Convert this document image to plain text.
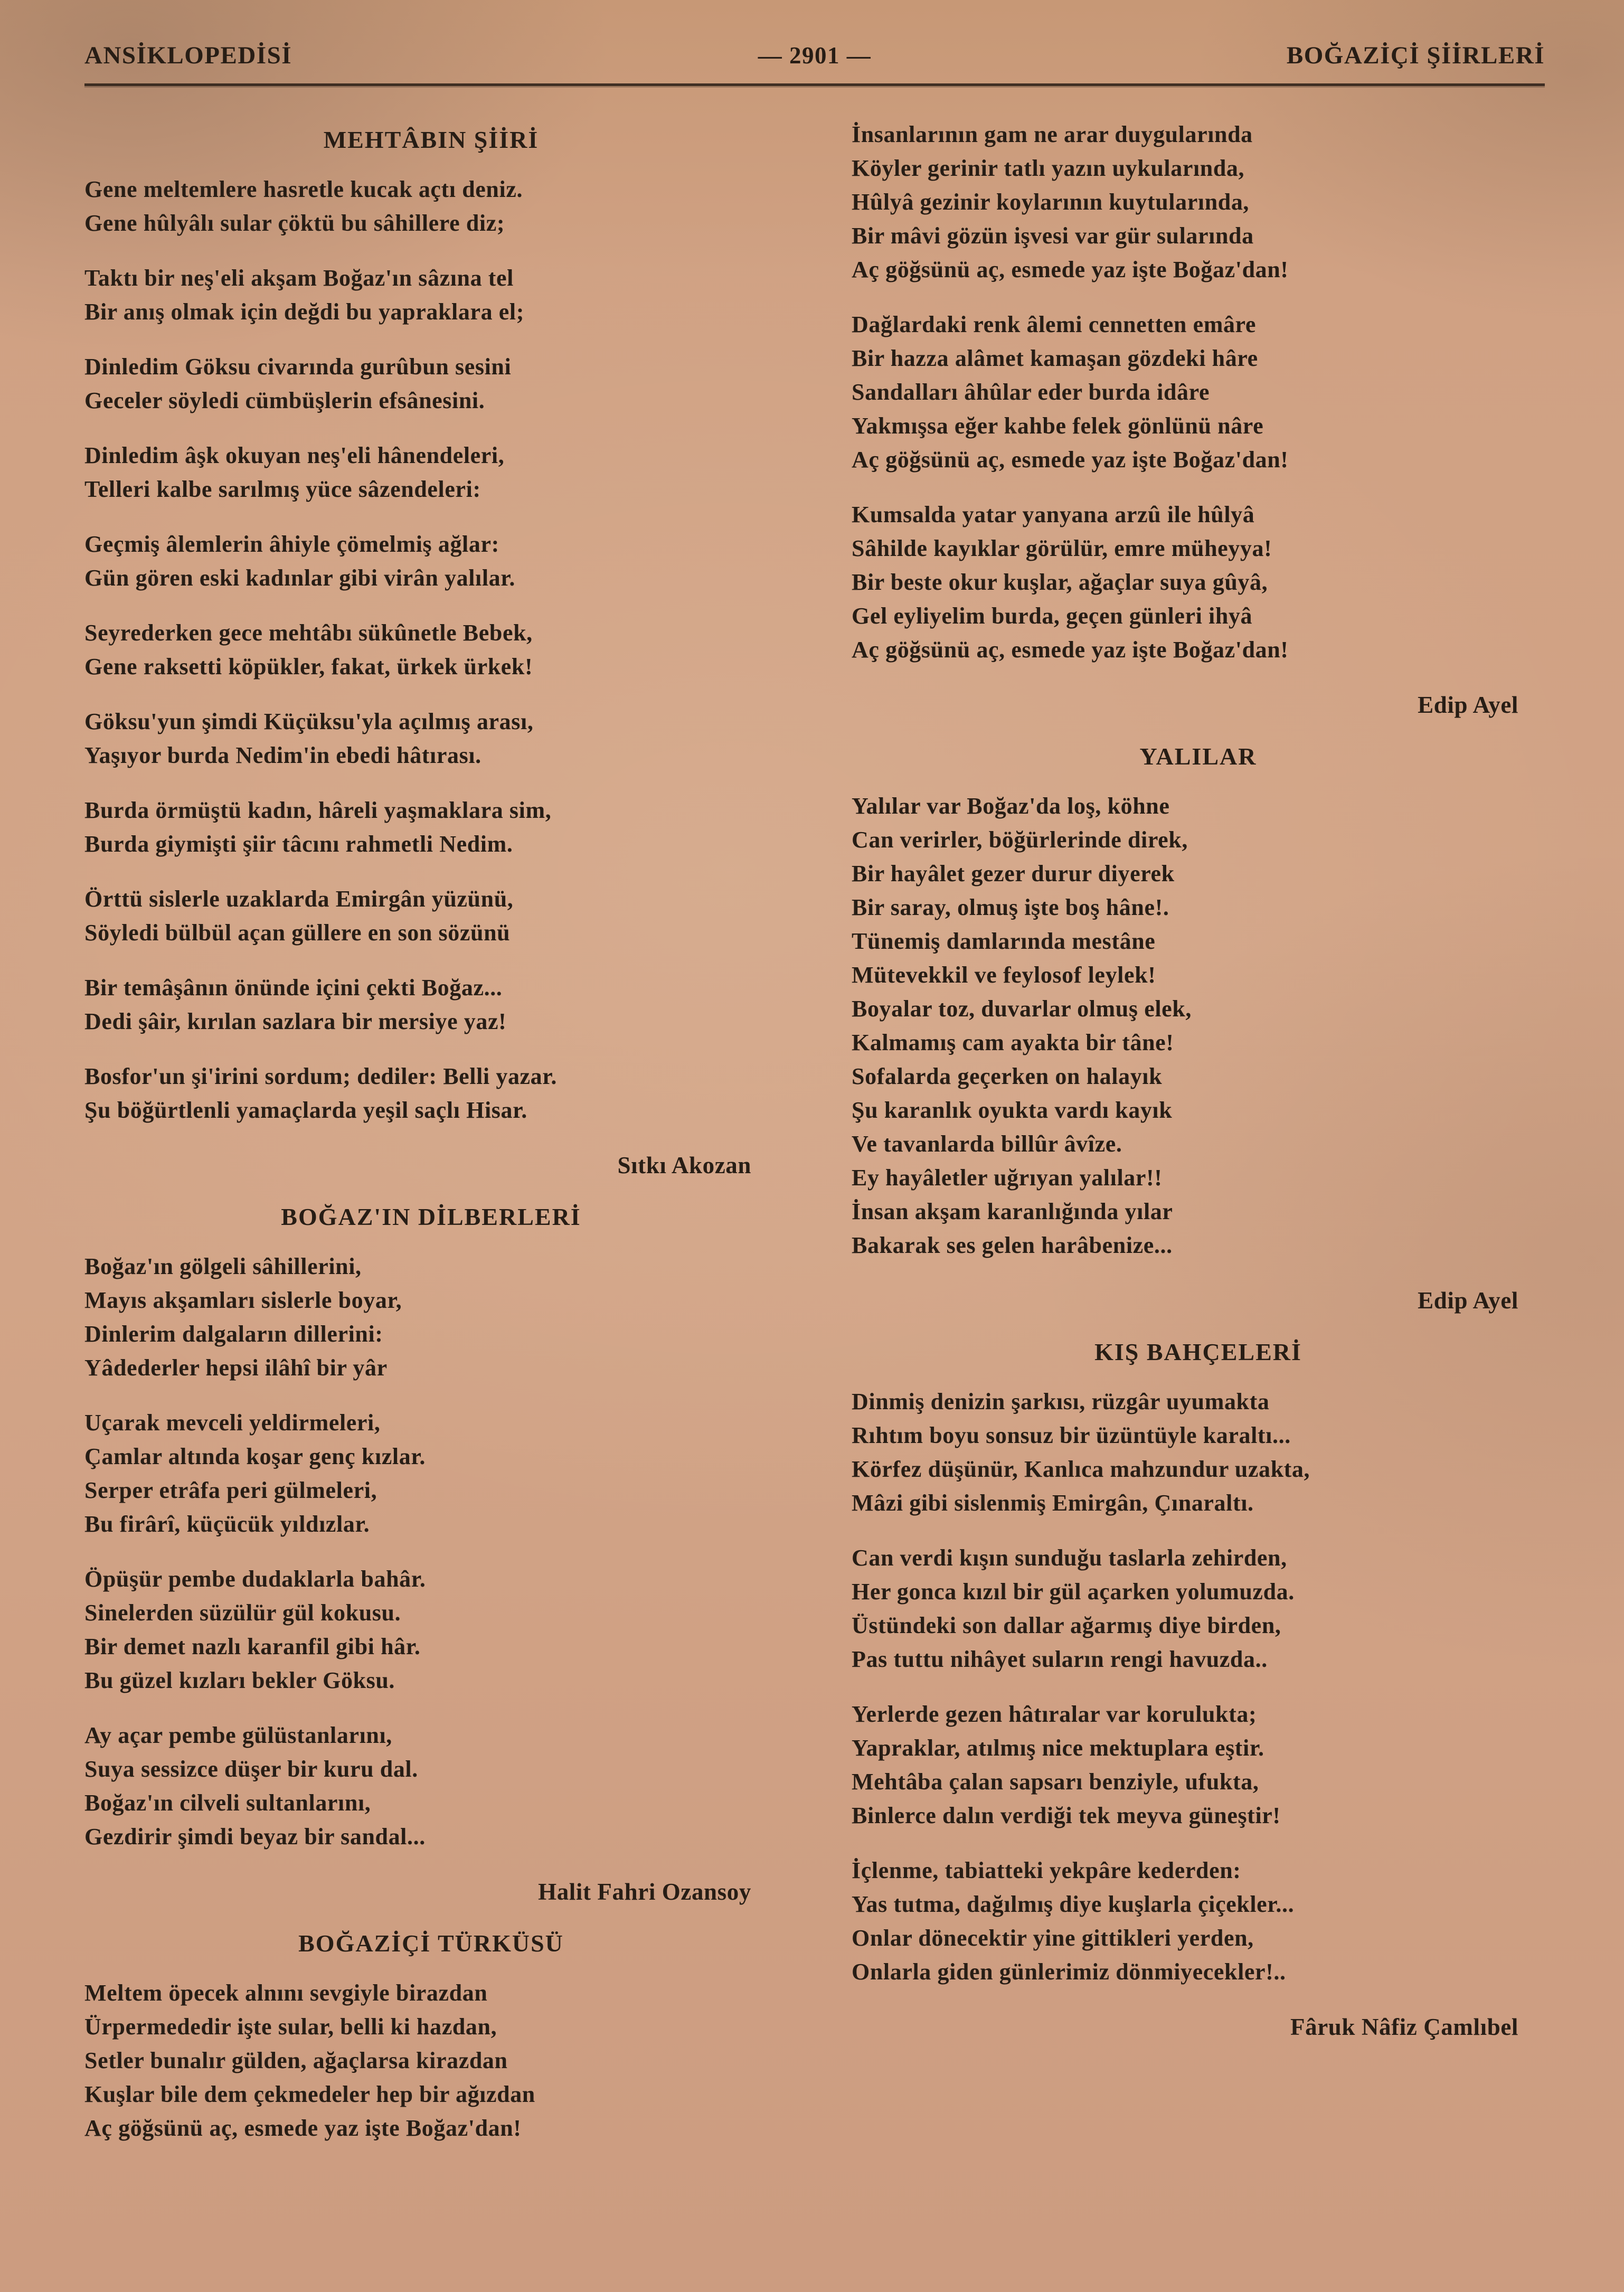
ANSİKLOPEDİSİ	— 2901 —	BOĞAZİÇİ ŞİİRLERİ
MEHTÂBIN ŞİİRİ
Gene meltemlere hasretle kucak açtı deniz.
Gene hûlyâlı sular çöktü bu sâhillere diz;
Taktı bir neş'eli akşam Boğaz'ın sâzına tel
Bir anış olmak için değdi bu yapraklara el;
Dinledim Göksu civarında gurûbun sesini
Geceler söyledi cümbüşlerin efsânesini.
Dinledim âşk okuyan neş'eli hânendeleri,
Telleri kalbe sarılmış yüce sâzendeleri:
Geçmiş âlemlerin âhiyle çömelmiş ağlar:
Gün gören eski kadınlar gibi virân yalılar.
Seyrederken gece mehtâbı sükûnetle Bebek,
Gene raksetti köpükler, fakat, ürkek ürkek!
Göksu'yun şimdi Küçüksu'yla açılmış arası,
Yaşıyor burda Nedim'in ebedi hâtırası.
Burda örmüştü kadın, hâreli yaşmaklara sim,
Burda giymişti şiir tâcını rahmetli Nedim.
Örttü sislerle uzaklarda Emirgân yüzünü,
Söyledi bülbül açan güllere en son sözünü
Bir temâşânın önünde içini çekti Boğaz...
Dedi şâir, kırılan sazlara bir mersiye yaz!
Bosfor'un şi'irini sordum; dediler: Belli yazar.
Şu böğürtlenli yamaçlarda yeşil saçlı Hisar.
Sıtkı Akozan
BOĞAZ'IN DİLBERLERİ
Boğaz'ın gölgeli sâhillerini,
Mayıs akşamları sislerle boyar,
Dinlerim dalgaların dillerini:
Yâdederler hepsi ilâhî bir yâr
Uçarak mevceli yeldirmeleri,
Çamlar altında koşar genç kızlar.
Serper etrâfa peri gülmeleri,
Bu firârî, küçücük yıldızlar.
Öpüşür pembe dudaklarla bahâr.
Sinelerden süzülür gül kokusu.
Bir demet nazlı karanfil gibi hâr.
Bu güzel kızları bekler Göksu.
Ay açar pembe gülüstanlarını,
Suya sessizce düşer bir kuru dal.
Boğaz'ın cilveli sultanlarını,
Gezdirir şimdi beyaz bir sandal...
Halit Fahri Ozansoy
BOĞAZİÇİ TÜRKÜSÜ
Meltem öpecek alnını sevgiyle birazdan
Ürpermededir işte sular, belli ki hazdan,
Setler bunalır gülden, ağaçlarsa kirazdan
Kuşlar bile dem çekmedeler hep bir ağızdan
Aç göğsünü aç, esmede yaz işte Boğaz'dan!
İnsanlarının gam ne arar duygularında
Köyler gerinir tatlı yazın uykularında,
Hûlyâ gezinir koylarının kuytularında,
Bir mâvi gözün işvesi var gür sularında
Aç göğsünü aç, esmede yaz işte Boğaz'dan!
Dağlardaki renk âlemi cennetten emâre
Bir hazza alâmet kamaşan gözdeki hâre
Sandalları âhûlar eder burda idâre
Yakmışsa eğer kahbe felek gönlünü nâre
Aç göğsünü aç, esmede yaz işte Boğaz'dan!
Kumsalda yatar yanyana arzû ile hûlyâ
Sâhilde kayıklar görülür, emre müheyya!
Bir beste okur kuşlar, ağaçlar suya gûyâ,
Gel eyliyelim burda, geçen günleri ihyâ
Aç göğsünü aç, esmede yaz işte Boğaz'dan!
Edip Ayel
YALILAR
Yalılar var Boğaz'da loş, köhne
Can verirler, böğürlerinde direk,
Bir hayâlet gezer durur diyerek
Bir saray, olmuş işte boş hâne!.
Tünemiş damlarında mestâne
Mütevekkil ve feylosof leylek!
Boyalar toz, duvarlar olmuş elek,
Kalmamış cam ayakta bir tâne!
Sofalarda geçerken on halayık
Şu karanlık oyukta vardı kayık
Ve tavanlarda billûr âvîze.
Ey hayâletler uğrıyan yalılar!!
İnsan akşam karanlığında yılar
Bakarak ses gelen harâbenize...
Edip Ayel
KIŞ BAHÇELERİ
Dinmiş denizin şarkısı, rüzgâr uyumakta
Rıhtım boyu sonsuz bir üzüntüyle karaltı...
Körfez düşünür, Kanlıca mahzundur uzakta,
Mâzi gibi sislenmiş Emirgân, Çınaraltı.
Can verdi kışın sunduğu taslarla zehirden,
Her gonca kızıl bir gül açarken yolumuzda.
Üstündeki son dallar ağarmış diye birden,
Pas tuttu nihâyet suların rengi havuzda..
Yerlerde gezen hâtıralar var korulukta;
Yapraklar, atılmış nice mektuplara eştir.
Mehtâba çalan sapsarı benziyle, ufukta,
Binlerce dalın verdiği tek meyva güneştir!
İçlenme, tabiatteki yekpâre kederden:
Yas tutma, dağılmış diye kuşlarla çiçekler...
Onlar dönecektir yine gittikleri yerden,
Onlarla giden günlerimiz dönmiyecekler!..
Fâruk Nâfiz Çamlıbel
